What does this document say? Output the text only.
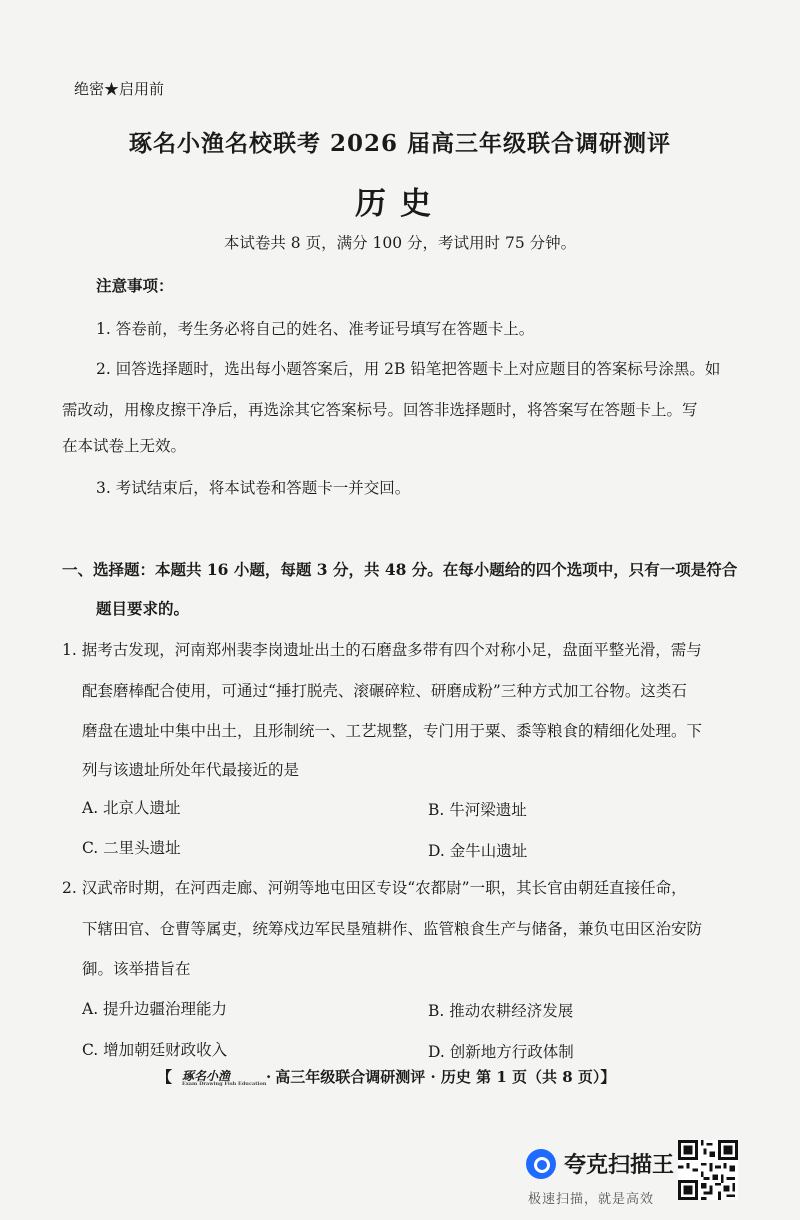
绝密★启用前
琢名小渔名校联考 2026 届高三年级联合调研测评
历史
本试卷共 8 页，满分 100 分，考试用时 75 分钟。
注意事项：
1. 答卷前，考生务必将自己的姓名、准考证号填写在答题卡上。
2. 回答选择题时，选出每小题答案后，用 2B 铅笔把答题卡上对应题目的答案标号涂黑。如
需改动，用橡皮擦干净后，再选涂其它答案标号。回答非选择题时，将答案写在答题卡上。写
在本试卷上无效。
3. 考试结束后，将本试卷和答题卡一并交回。
一、选择题：本题共 16 小题，每题 3 分，共 48 分。在每小题给的四个选项中，只有一项是符合
题目要求的。
1. 据考古发现，河南郑州裴李岗遗址出土的石磨盘多带有四个对称小足，盘面平整光滑，需与
配套磨棒配合使用，可通过“捶打脱壳、滚碾碎粒、研磨成粉”三种方式加工谷物。这类石
磨盘在遗址中集中出土，且形制统一、工艺规整，专门用于粟、黍等粮食的精细化处理。下
列与该遗址所处年代最接近的是
A. 北京人遗址	B. 牛河梁遗址
C. 二里头遗址	D. 金牛山遗址
2. 汉武帝时期，在河西走廊、河朔等地屯田区专设“农都尉”一职，其长官由朝廷直接任命，
下辖田官、仓曹等属吏，统筹戍边军民垦殖耕作、监管粮食生产与储备，兼负屯田区治安防
御。该举措旨在
A. 提升边疆治理能力	B. 推动农耕经济发展
C. 增加朝廷财政收入	D. 创新地方行政体制
【 琢名小渔
Exam Drawing Fish Education · 高三年级联合调研测评 · 历史 第 1 页（共 8 页）】
夸克扫描王
极速扫描，就是高效
